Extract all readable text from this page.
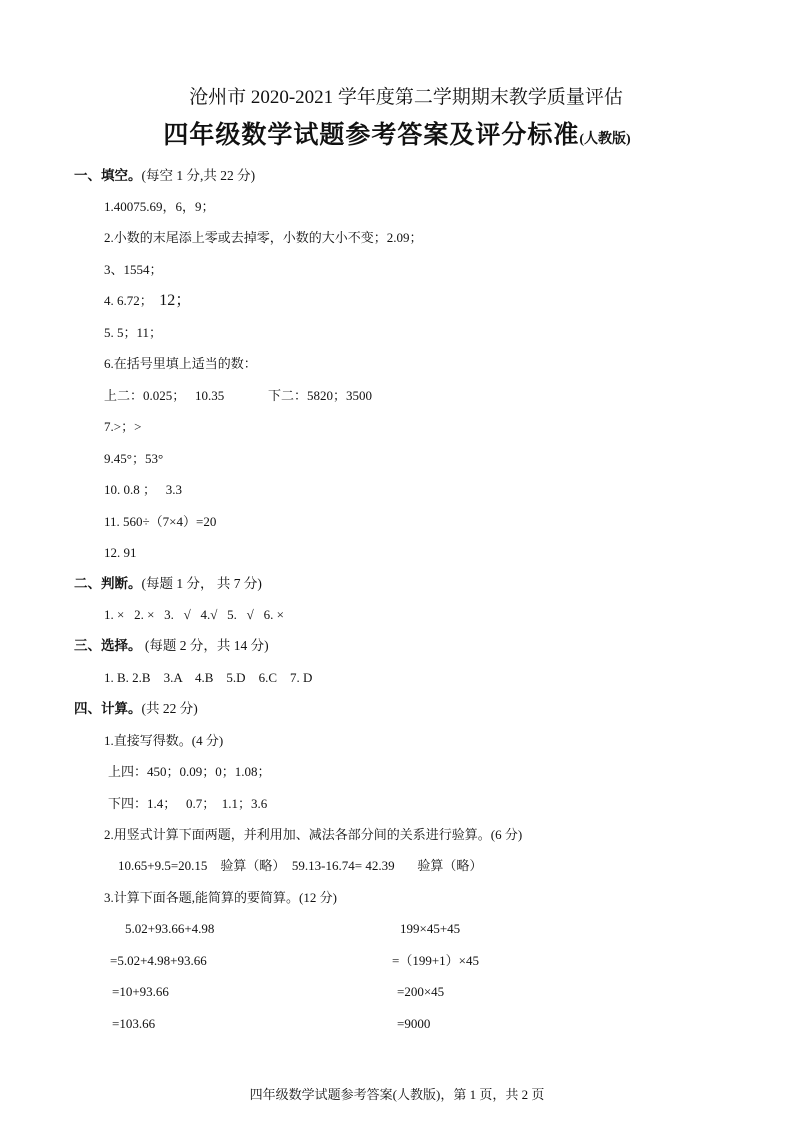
沧州市 2020-2021 学年度第二学期期末教学质量评估
四年级数学试题参考答案及评分标准(人教版)
一、填空。(每空 1 分,共 22 分)
1.40075.69，6，9；
2.小数的末尾添上零或去掉零，小数的大小不变；2.09；
3、1554；
4. 6.72；  12；
5. 5；11；
6.在括号里填上适当的数：
上二：0.025；   10.35	下二：5820；3500
7.>；>
9.45°；53°
10. 0.8 ；   3.3
11. 560÷（7×4）=20
12. 91
二、判断。(每题 1 分， 共 7 分)
1. ×   2. ×   3.   √   4.√   5.   √   6. ×
三、选择。 (每题 2 分，共 14 分)
1. B. 2.B    3.A    4.B    5.D    6.C    7. D
四、计算。(共 22 分)
1.直接写得数。(4 分)
上四：450；0.09；0；1.08；
下四：1.4；   0.7；  1.1；3.6
2.用竖式计算下面两题，并利用加、减法各部分间的关系进行验算。(6 分)
10.65+9.5=20.15    验算（略）  59.13-16.74= 42.39       验算（略）
3.计算下面各题,能简算的要简算。(12 分)
5.02+93.66+4.98
=5.02+4.98+93.66
=10+93.66
=103.66
199×45+45
=（199+1）×45
=200×45
=9000
四年级数学试题参考答案(人教版)，第 1 页，共 2 页
